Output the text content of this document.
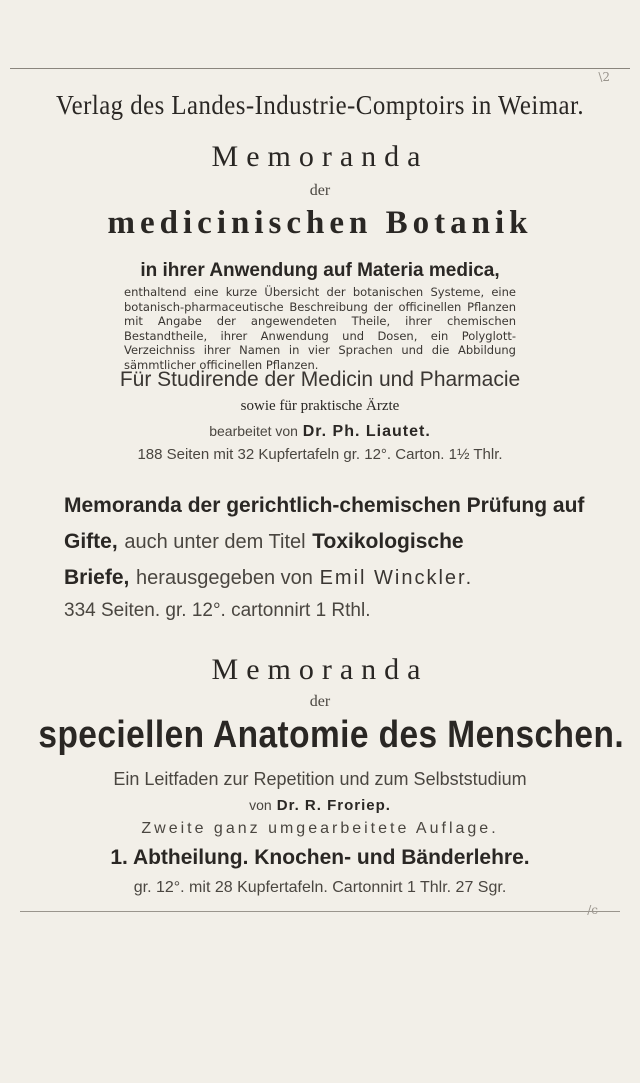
\2
Verlag des Landes-Industrie-Comptoirs in Weimar.
Memoranda
der
medicinischen Botanik
in ihrer Anwendung auf Materia medica,
enthaltend eine kurze Übersicht der botanischen Systeme, eine botanisch-pharmaceutische Beschreibung der officinellen Pflanzen mit Angabe der angewendeten Theile, ihrer chemischen Bestandtheile, ihrer Anwendung und Dosen, ein Polyglott-Verzeichniss ihrer Namen in vier Sprachen und die Abbildung sämmtlicher officinellen Pflanzen.
Für Studirende der Medicin und Pharmacie
sowie für praktische Ärzte
bearbeitet von Dr. Ph. Liautet.
188 Seiten mit 32 Kupfertafeln gr. 12°. Carton. 1½ Thlr.
Memoranda der gerichtlich-chemischen Prüfung auf
Gifte, auch unter dem Titel Toxikologische
Briefe, herausgegeben von Emil Winckler.
334 Seiten. gr. 12°. cartonnirt 1 Rthl.
Memoranda
der
speciellen Anatomie des Menschen.
Ein Leitfaden zur Repetition und zum Selbststudium
von Dr. R. Froriep.
Zweite ganz umgearbeitete Auflage.
1. Abtheilung. Knochen- und Bänderlehre.
gr. 12°. mit 28 Kupfertafeln. Cartonnirt 1 Thlr. 27 Sgr.
/c
